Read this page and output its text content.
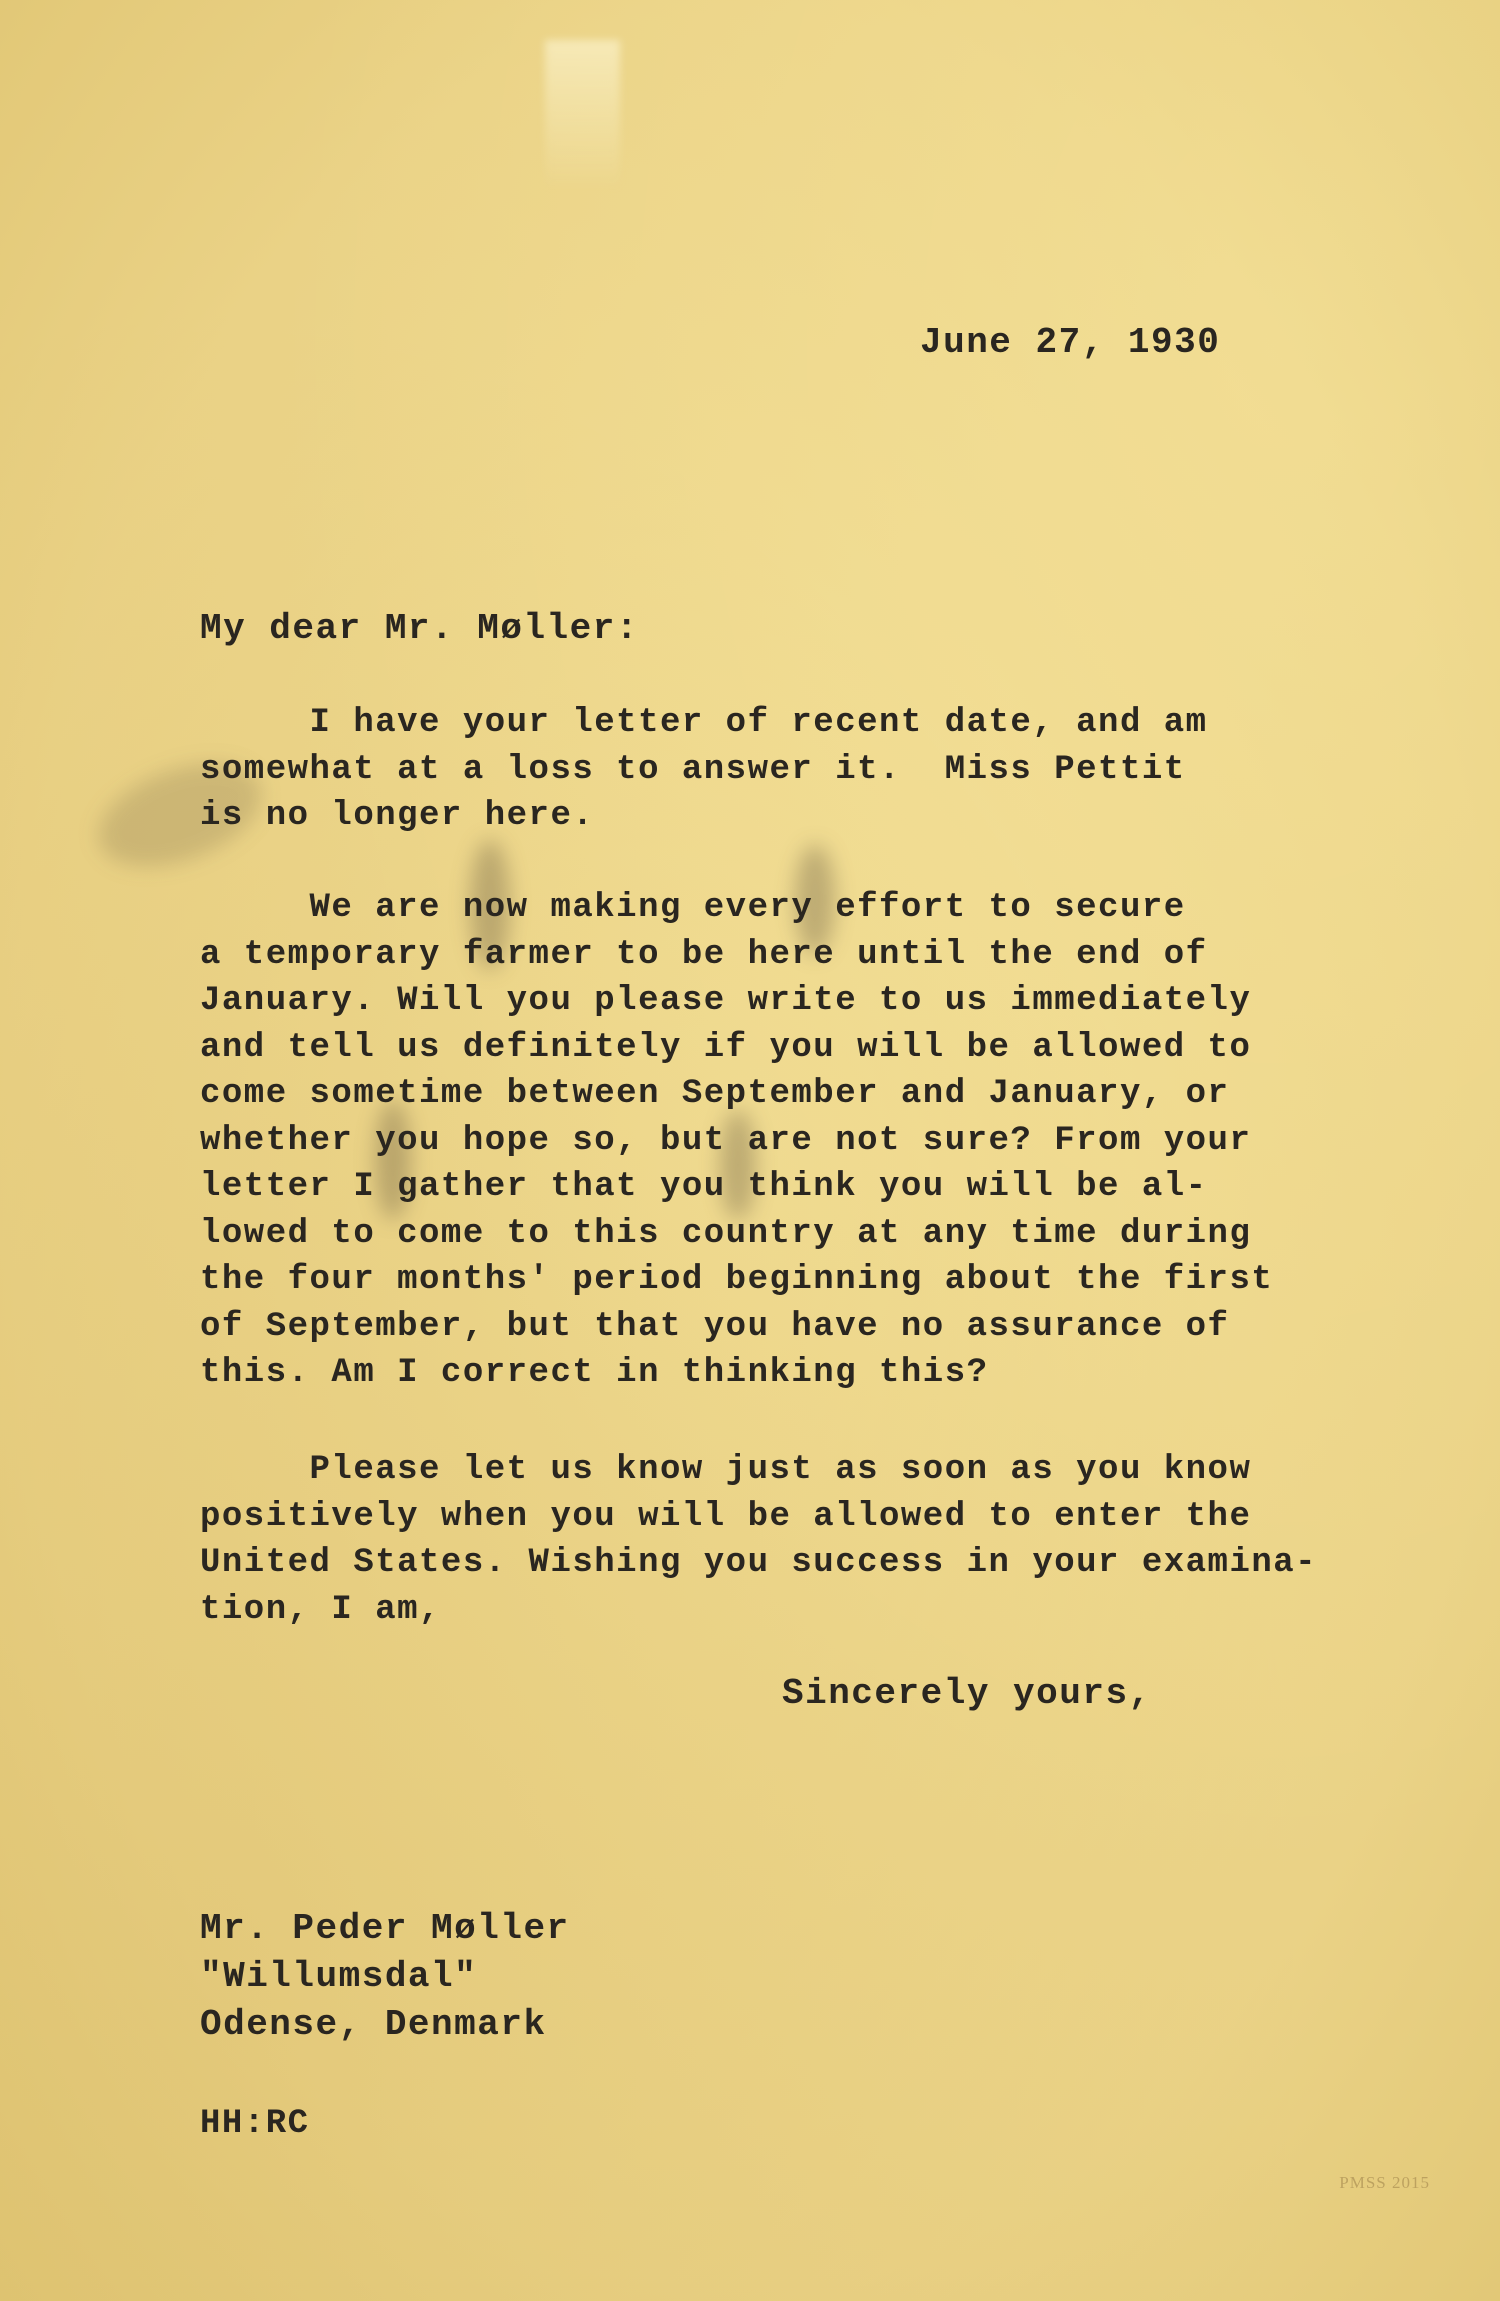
June 27, 1930
My dear Mr. Møller:
I have your letter of recent date, and am
somewhat at a loss to answer it.  Miss Pettit
is no longer here.
We are now making every effort to secure
a temporary farmer to be here until the end of
January. Will you please write to us immediately
and tell us definitely if you will be allowed to
come sometime between September and January, or
whether you hope so, but are not sure? From your
letter I gather that you think you will be al-
lowed to come to this country at any time during
the four months' period beginning about the first
of September, but that you have no assurance of
this. Am I correct in thinking this?
Please let us know just as soon as you know
positively when you will be allowed to enter the
United States. Wishing you success in your examina-
tion, I am,
Sincerely yours,
Mr. Peder Møller
"Willumsdal"
Odense, Denmark
HH:RC
PMSS 2015
